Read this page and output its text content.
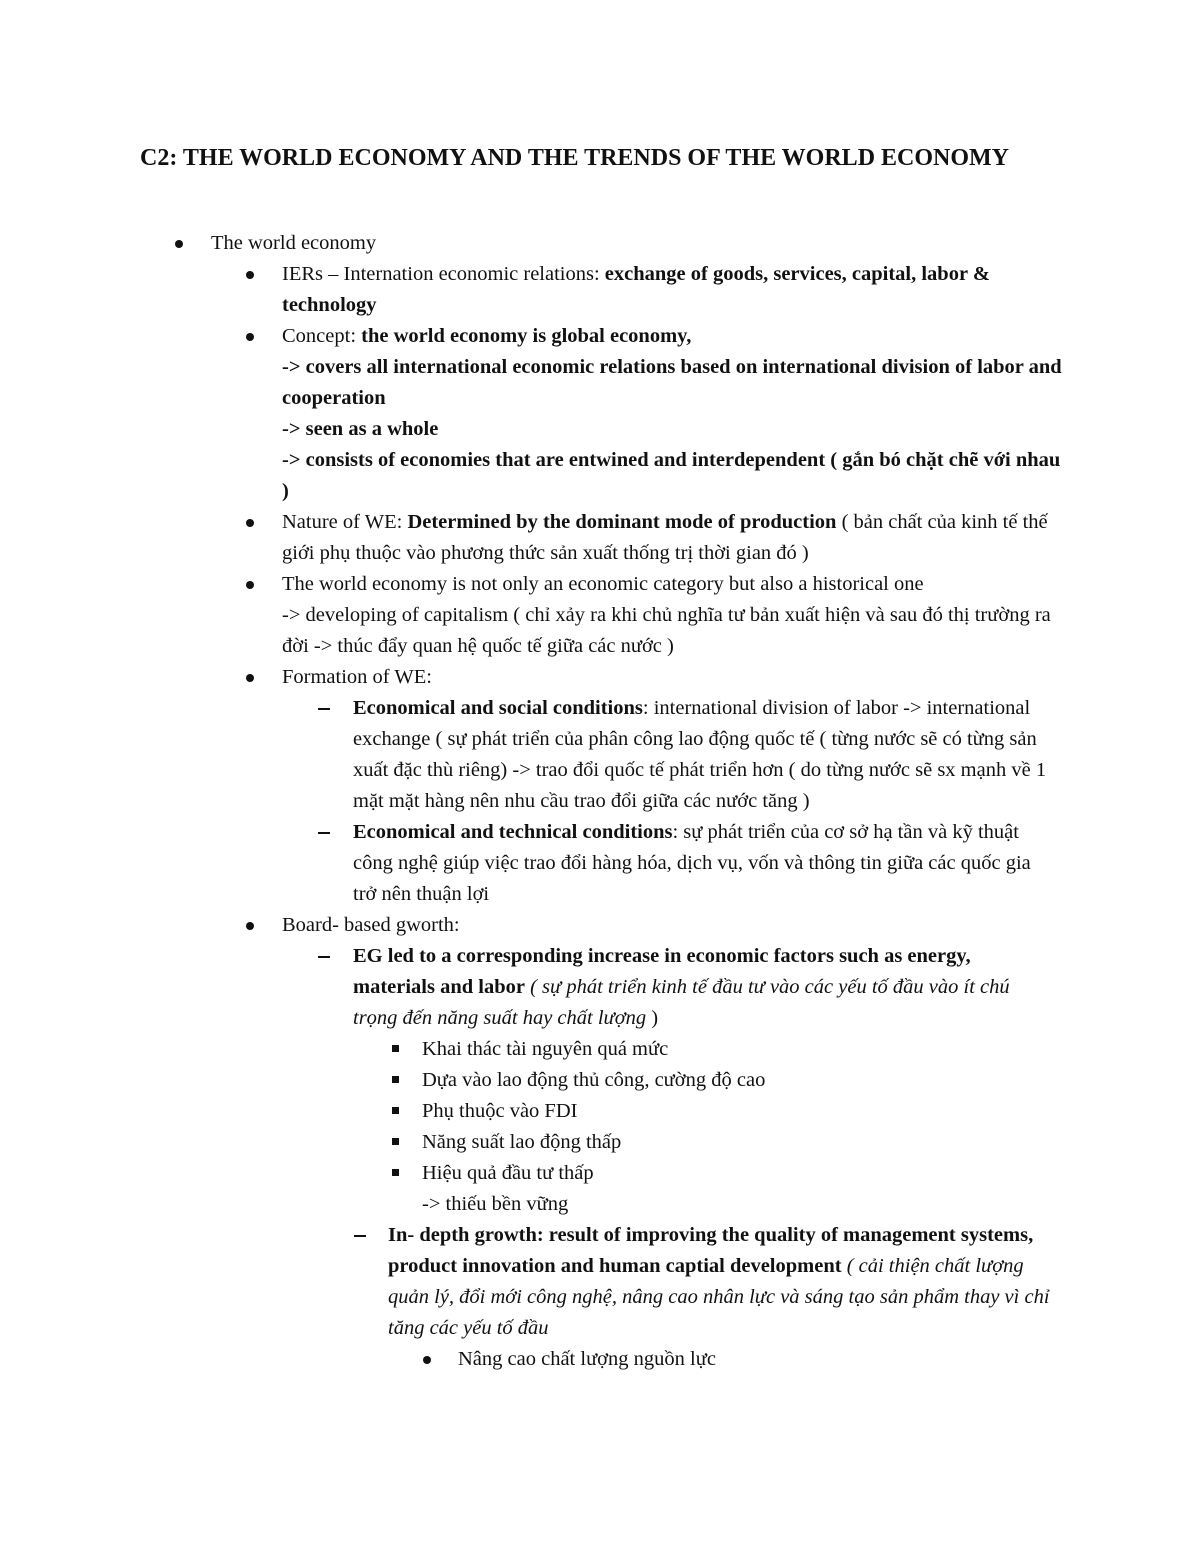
C2: THE WORLD ECONOMY AND THE TRENDS OF THE WORLD ECONOMY
The world economy
IERs – Internation economic relations: exchange of goods, services, capital, labor & technology
Concept: the world economy is global economy,
-> covers all international economic relations based on international division of labor and cooperation
-> seen as a whole
-> consists of economies that are entwined and interdependent ( gắn bó chặt chẽ với nhau )
Nature of WE: Determined by the dominant mode of production ( bản chất của kinh tế thế giới phụ thuộc vào phương thức sản xuất thống trị thời gian đó )
The world economy is not only an economic category but also a historical one
-> developing of capitalism ( chỉ xảy ra khi chủ nghĩa tư bản xuất hiện và sau đó thị trường ra đời -> thúc đẩy quan hệ quốc tế giữa các nước )
Formation of WE:
Economical and social conditions: international division of labor -> international exchange ( sự phát triển của phân công lao động quốc tế ( từng nước sẽ có từng sản xuất đặc thù riêng) -> trao đổi quốc tế phát triển hơn ( do từng nước sẽ sx mạnh về 1 mặt mặt hàng nên nhu cầu trao đổi giữa các nước tăng )
Economical and technical conditions: sự phát triển của cơ sở hạ tần và kỹ thuật công nghệ giúp việc trao đổi hàng hóa, dịch vụ, vốn và thông tin giữa các quốc gia trở nên thuận lợi
Board- based gworth:
EG led to a corresponding increase in economic factors such as energy, materials and labor ( sự phát triển kinh tế đầu tư vào các yếu tố đầu vào ít chú trọng đến năng suất hay chất lượng )
Khai thác tài nguyên quá mức
Dựa vào lao động thủ công, cường độ cao
Phụ thuộc vào FDI
Năng suất lao động thấp
Hiệu quả đầu tư thấp
-> thiếu bền vững
In- depth growth: result of improving the quality of management systems, product innovation and human captial development ( cải thiện chất lượng quản lý, đổi mới công nghệ, nâng cao nhân lực và sáng tạo sản phẩm thay vì chỉ tăng các yếu tố đầu
Nâng cao chất lượng nguồn lực
